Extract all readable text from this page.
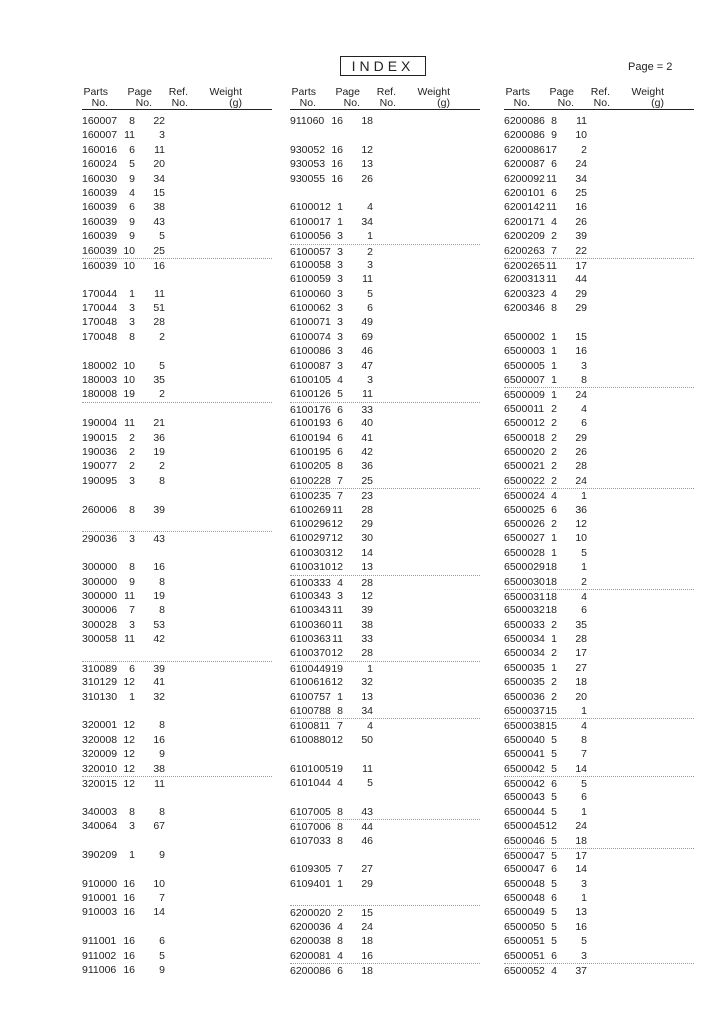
INDEX	Page = 2
Parts
No.
Page
No.
Ref.
No.
Weight
(g)
160007 8 22
160007 11 3
160016 6 11
160024 5 20
160030 9 34
160039 4 15
160039 6 38
160039 9 43
160039 9 5
160039 10 25
160039 10 16
170044 1 11
170044 3 51
170048 3 28
170048 8 2
180002 10 5
180003 10 35
180008 19 2
190004 11 21
190015 2 36
190036 2 19
190077 2 2
190095 3 8
260006 8 39
290036 3 43
300000 8 16
300000 9 8
300000 11 19
300006 7 8
300028 3 53
300058 11 42
310089 6 39
310129 12 41
310130 1 32
320001 12 8
320008 12 16
320009 12 9
320010 12 38
320015 12 11
340003 8 8
340064 3 67
390209 1 9
910000 16 10
910001 16 7
910003 16 14
911001 16 6
911002 16 5
911006 16 9
Parts
No.
Page
No.
Ref.
No.
Weight
(g)
911060 16 18
930052 16 12
930053 16 13
930055 16 26
6100012 1 4
6100017 1 34
6100056 3 1
6100057 3 2
6100058 3 3
6100059 3 11
6100060 3 5
6100062 3 6
6100071 3 49
6100074 3 69
6100086 3 46
6100087 3 47
6100105 4 3
6100126 5 11
6100176 6 33
6100193 6 40
6100194 6 41
6100195 6 42
6100205 8 36
6100228 7 25
6100235 7 23
6100269 11 28
6100296 12 29
6100297 12 30
6100303 12 14
6100310 12 13
6100333 4 28
6100343 3 12
6100343 11 39
6100360 11 38
6100363 11 33
6100370 12 28
6100449 19 1
6100616 12 32
6100757 1 13
6100788 8 34
6100811 7 4
6100880 12 50
6101005 19 11
6101044 4 5
6107005 8 43
6107006 8 44
6107033 8 46
6109305 7 27
6109401 1 29
6200020 2 15
6200036 4 24
6200038 8 18
6200081 4 16
6200086 6 18
Parts
No.
Page
No.
Ref.
No.
Weight
(g)
6200086 8 11
6200086 9 10
6200086 17 2
6200087 6 24
6200092 11 34
6200101 6 25
6200142 11 16
6200171 4 26
6200209 2 39
6200263 7 22
6200265 11 17
6200313 11 44
6200323 4 29
6200346 8 29
6500002 1 15
6500003 1 16
6500005 1 3
6500007 1 8
6500009 1 24
6500011 2 4
6500012 2 6
6500018 2 29
6500020 2 26
6500021 2 28
6500022 2 24
6500024 4 1
6500025 6 36
6500026 2 12
6500027 1 10
6500028 1 5
6500029 18 1
6500030 18 2
6500031 18 4
6500032 18 6
6500033 2 35
6500034 1 28
6500034 2 17
6500035 1 27
6500035 2 18
6500036 2 20
6500037 15 1
6500038 15 4
6500040 5 8
6500041 5 7
6500042 5 14
6500042 6 5
6500043 5 6
6500044 5 1
6500045 12 24
6500046 5 18
6500047 5 17
6500047 6 14
6500048 5 3
6500048 6 1
6500049 5 13
6500050 5 16
6500051 5 5
6500051 6 3
6500052 4 37
